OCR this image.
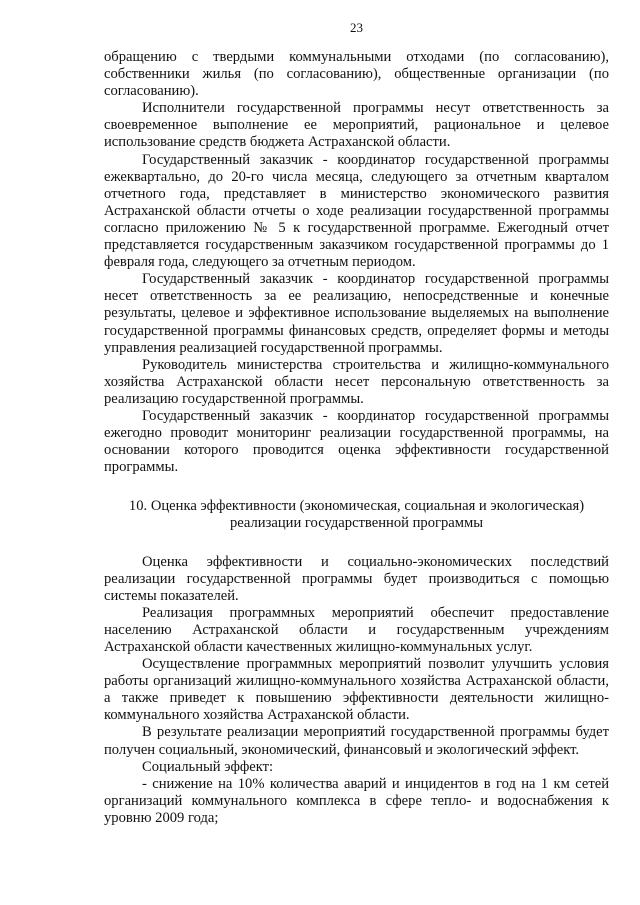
23

обращению с твердыми коммунальными отходами (по согласованию), собственники жилья (по согласованию), общественные организации (по согласованию).

Исполнители государственной программы несут ответственность за своевременное выполнение ее мероприятий, рациональное и целевое использование средств бюджета Астраханской области.

Государственный заказчик - координатор государственной программы ежеквартально, до 20-го числа месяца, следующего за отчетным кварталом отчетного года, представляет в министерство экономического развития Астраханской области отчеты о ходе реализации государственной программы согласно приложению № 5 к государственной программе. Ежегодный отчет представляется государственным заказчиком государственной программы до 1 февраля года, следующего за отчетным периодом.

Государственный заказчик - координатор государственной программы несет ответственность за ее реализацию, непосредственные и конечные результаты, целевое и эффективное использование выделяемых на выполнение государственной программы финансовых средств, определяет формы и методы управления реализацией государственной программы.

Руководитель министерства строительства и жилищно-коммунального хозяйства Астраханской области несет персональную ответственность за реализацию государственной программы.

Государственный заказчик - координатор государственной программы ежегодно проводит мониторинг реализации государственной программы, на основании которого проводится оценка эффективности государственной программы.

10. Оценка эффективности (экономическая, социальная и экологическая) реализации государственной программы

Оценка эффективности и социально-экономических последствий реализации государственной программы будет производиться с помощью системы показателей.

Реализация программных мероприятий обеспечит предоставление населению Астраханской области и государственным учреждениям Астраханской области качественных жилищно-коммунальных услуг.

Осуществление программных мероприятий позволит улучшить условия работы организаций жилищно-коммунального хозяйства Астраханской области, а также приведет к повышению эффективности деятельности жилищно-коммунального хозяйства Астраханской области.

В результате реализации мероприятий государственной программы будет получен социальный, экономический, финансовый и экологический эффект.

Социальный эффект:

- снижение на 10% количества аварий и инцидентов в год на 1 км сетей организаций коммунального комплекса в сфере тепло- и водоснабжения к уровню 2009 года;
